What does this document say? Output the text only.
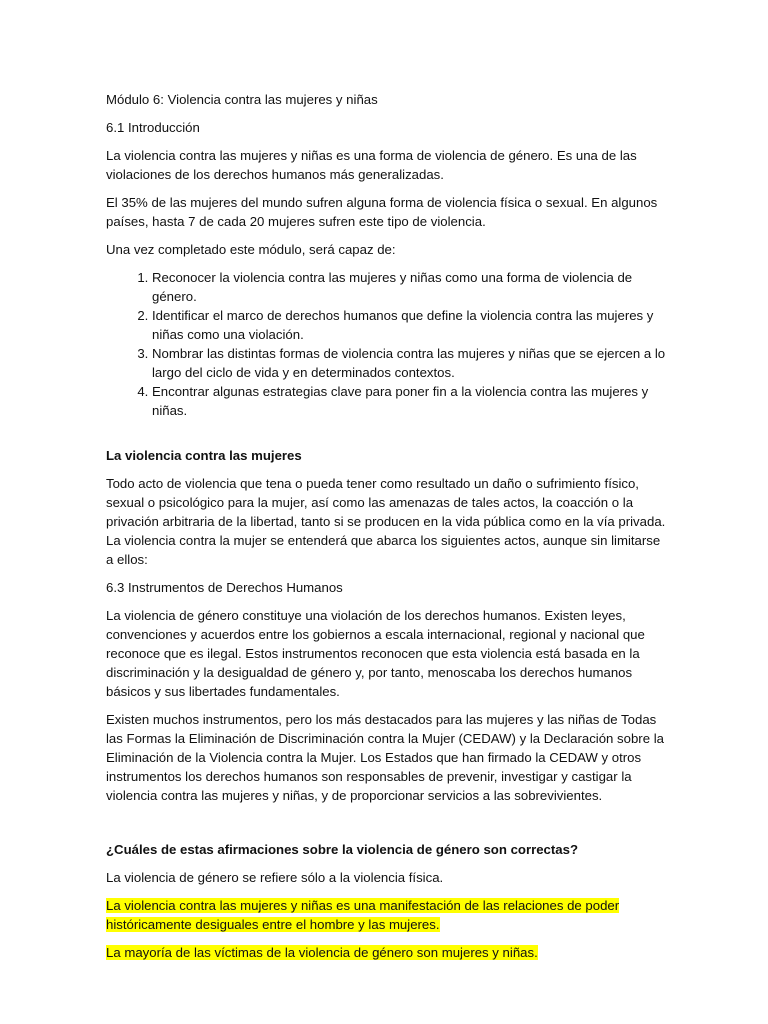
Módulo 6: Violencia contra las mujeres y niñas

6.1 Introducción

La violencia contra las mujeres y niñas es una forma de violencia de género. Es una de las violaciones de los derechos humanos más generalizadas.

El 35% de las mujeres del mundo sufren alguna forma de violencia física o sexual. En algunos países, hasta 7 de cada 20 mujeres sufren este tipo de violencia.

Una vez completado este módulo, será capaz de:

1. Reconocer la violencia contra las mujeres y niñas como una forma de violencia de género.
2. Identificar el marco de derechos humanos que define la violencia contra las mujeres y niñas como una violación.
3. Nombrar las distintas formas de violencia contra las mujeres y niñas que se ejercen a lo largo del ciclo de vida y en determinados contextos.
4. Encontrar algunas estrategias clave para poner fin a la violencia contra las mujeres y niñas.

La violencia contra las mujeres

Todo acto de violencia que tena o pueda tener como resultado un daño o sufrimiento físico, sexual o psicológico para la mujer, así como las amenazas de tales actos, la coacción o la privación arbitraria de la libertad, tanto si se producen en la vida pública como en la vía privada. La violencia contra la mujer se entenderá que abarca los siguientes actos, aunque sin limitarse a ellos:

6.3 Instrumentos de Derechos Humanos

La violencia de género constituye una violación de los derechos humanos. Existen leyes, convenciones y acuerdos entre los gobiernos a escala internacional, regional y nacional que reconoce que es ilegal. Estos instrumentos reconocen que esta violencia está basada en la discriminación y la desigualdad de género y, por tanto, menoscaba los derechos humanos básicos y sus libertades fundamentales.

Existen muchos instrumentos, pero los más destacados para las mujeres y las niñas de Todas las Formas la Eliminación de Discriminación contra la Mujer (CEDAW) y la Declaración sobre la Eliminación de la Violencia contra la Mujer. Los Estados que han firmado la CEDAW y otros instrumentos los derechos humanos son responsables de prevenir, investigar y castigar la violencia contra las mujeres y niñas, y de proporcionar servicios a las sobrevivientes.

¿Cuáles de estas afirmaciones sobre la violencia de género son correctas?

La violencia de género se refiere sólo a la violencia física.

La violencia contra las mujeres y niñas es una manifestación de las relaciones de poder históricamente desiguales entre el hombre y las mujeres.

La mayoría de las víctimas de la violencia de género son mujeres y niñas.
